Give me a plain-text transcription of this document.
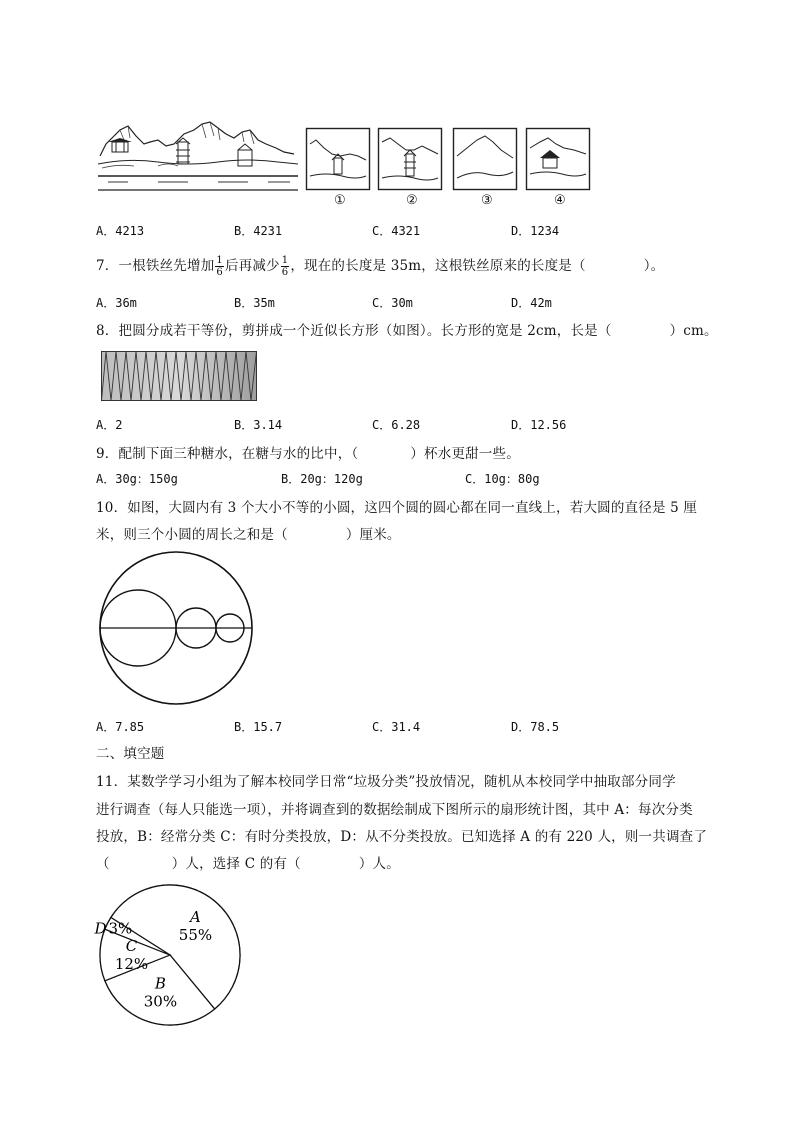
①	②	③	④
A．4213	B．4231	C．4321	D．1234
7．一根铁丝先增加 $\frac{1}{6}$ 后再减少 $\frac{1}{6}$ ，现在的长度是 35m，这根铁丝原来的长度是（	）。
A．36m	B．35m	C．30m	D．42m
8．把圆分成若干等份，剪拼成一个近似长方形（如图）。长方形的宽是 2cm，长是（	）cm。
A．2	B．3.14	C．6.28	D．12.56
9．配制下面三种糖水，在糖与水的比中，（	）杯水更甜一些。
A．30g：150g	B．20g：120g	C．10g：80g
10．如图，大圆内有 3 个大小不等的小圆，这四个圆的圆心都在同一直线上，若大圆的直径是 5 厘
米，则三个小圆的周长之和是（	）厘米。
A．7.85	B．15.7	C．31.4	D．78.5
二、填空题
11．某数学学习小组为了解本校同学日常“垃圾分类”投放情况，随机从本校同学中抽取部分同学
进行调查（每人只能选一项），并将调查到的数据绘制成下图所示的扇形统计图，其中 A：每次分类
投放，B：经常分类 C：有时分类投放，D：从不分类投放。已知选择 A 的有 220 人，则一共调查了
（	）人，选择 C 的有（	）人。
A
55%
B
30%
C
12%
D 3%
